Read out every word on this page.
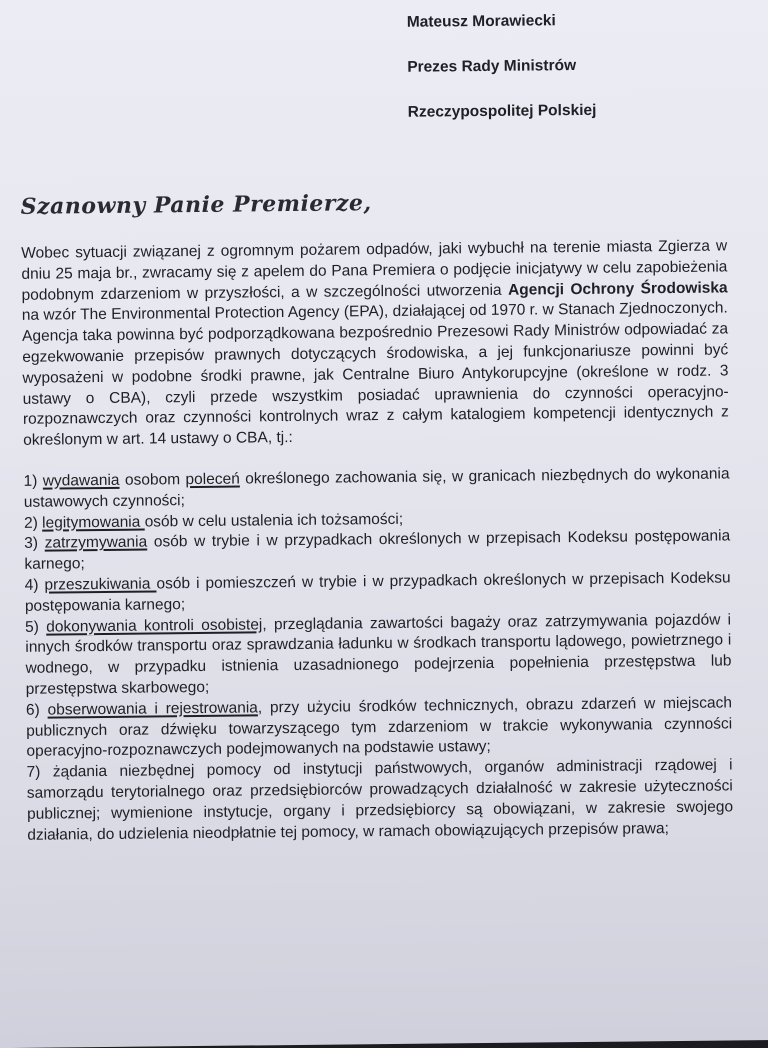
Mateusz Morawiecki
Prezes Rady Ministrów
Rzeczypospolitej Polskiej
Szanowny Panie Premierze,

Wobec sytuacji związanej z ogromnym pożarem odpadów, jaki wybuchł na terenie miasta Zgierza w dniu 25 maja br., zwracamy się z apelem do Pana Premiera o podjęcie inicjatywy w celu zapobieżenia podobnym zdarzeniom w przyszłości, a w szczególności utworzenia Agencji Ochrony Środowiska na wzór The Environmental Protection Agency (EPA), działającej od 1970 r. w Stanach Zjednoczonych. Agencja taka powinna być podporządkowana bezpośrednio Prezesowi Rady Ministrów odpowiadać za egzekwowanie przepisów prawnych dotyczących środowiska, a jej funkcjonariusze powinni być wyposażeni w podobne środki prawne, jak Centralne Biuro Antykorupcyjne (określone w rodz. 3 ustawy o CBA), czyli przede wszystkim posiadać uprawnienia do czynności operacyjno-rozpoznawczych oraz czynności kontrolnych wraz z całym katalogiem kompetencji identycznych z określonym w art. 14 ustawy o CBA, tj.:

1) wydawania osobom poleceń określonego zachowania się, w granicach niezbędnych do wykonania ustawowych czynności;
2) legitymowania osób w celu ustalenia ich tożsamości;
3) zatrzymywania osób w trybie i w przypadkach określonych w przepisach Kodeksu postępowania karnego;
4) przeszukiwania osób i pomieszczeń w trybie i w przypadkach określonych w przepisach Kodeksu postępowania karnego;
5) dokonywania kontroli osobistej, przeglądania zawartości bagaży oraz zatrzymywania pojazdów i innych środków transportu oraz sprawdzania ładunku w środkach transportu lądowego, powietrznego i wodnego, w przypadku istnienia uzasadnionego podejrzenia popełnienia przestępstwa lub przestępstwa skarbowego;
6) obserwowania i rejestrowania, przy użyciu środków technicznych, obrazu zdarzeń w miejscach publicznych oraz dźwięku towarzyszącego tym zdarzeniom w trakcie wykonywania czynności operacyjno-rozpoznawczych podejmowanych na podstawie ustawy;
7) żądania niezbędnej pomocy od instytucji państwowych, organów administracji rządowej i samorządu terytorialnego oraz przedsiębiorców prowadzących działalność w zakresie użyteczności publicznej; wymienione instytucje, organy i przedsiębiorcy są obowiązani, w zakresie swojego działania, do udzielenia nieodpłatnie tej pomocy, w ramach obowiązujących przepisów prawa;
